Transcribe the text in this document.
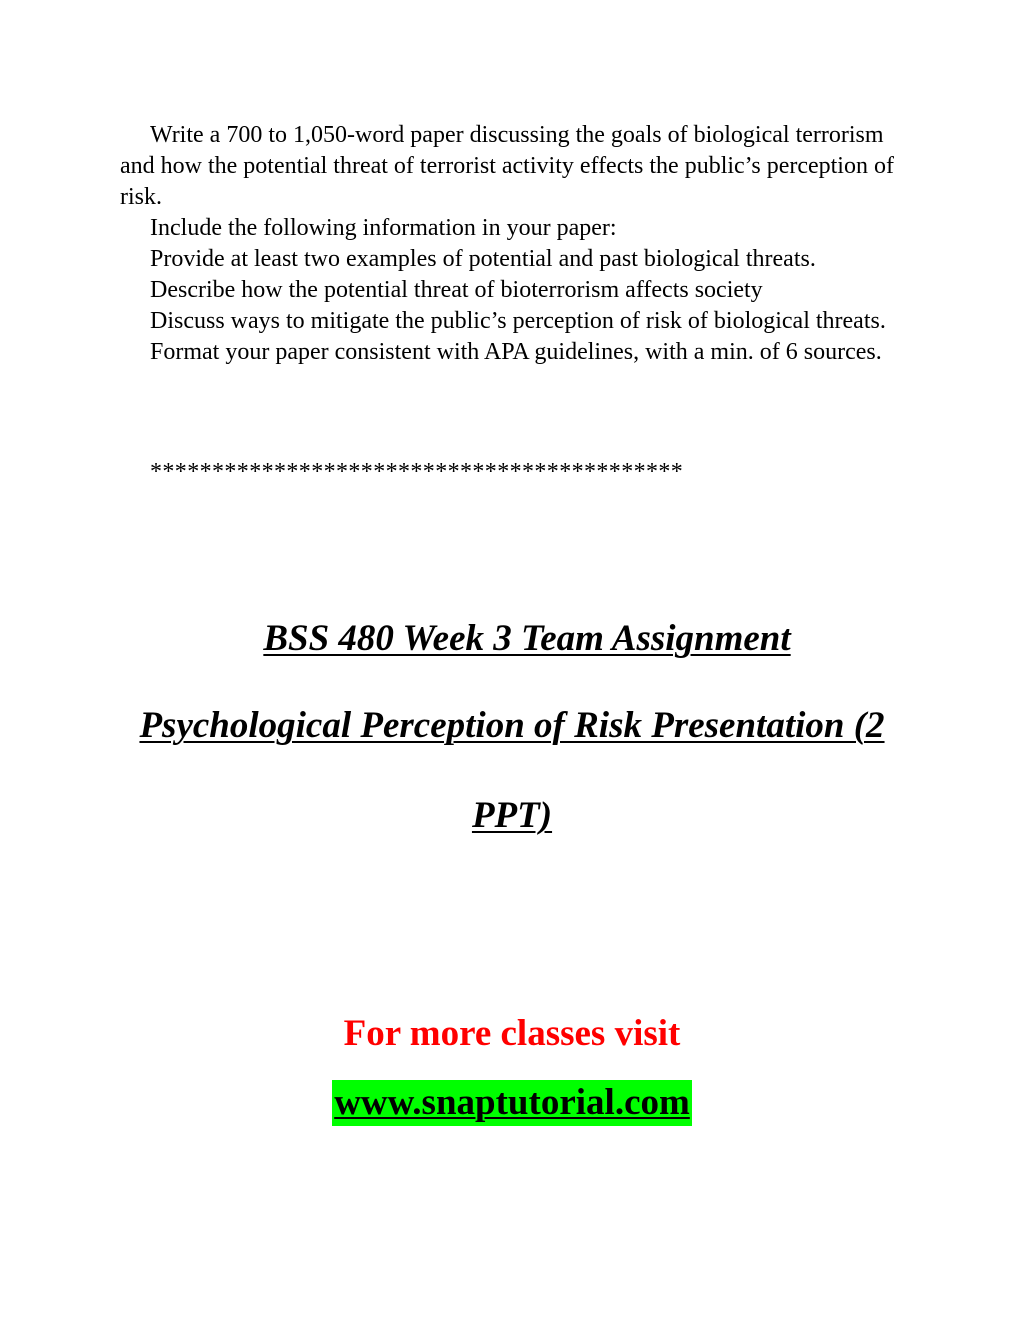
Write a 700 to 1,050-word paper discussing the goals of biological terrorism and how the potential threat of terrorist activity effects the public’s perception of risk.

Include the following information in your paper:

Provide at least two examples of potential and past biological threats.

Describe how the potential threat of bioterrorism affects society

Discuss ways to mitigate the public’s perception of risk of biological threats.

Format your paper consistent with APA guidelines, with a min. of 6 sources.

*******************************************
BSS 480 Week 3 Team Assignment
Psychological Perception of Risk Presentation (2
PPT)
For more classes visit
www.snaptutorial.com
